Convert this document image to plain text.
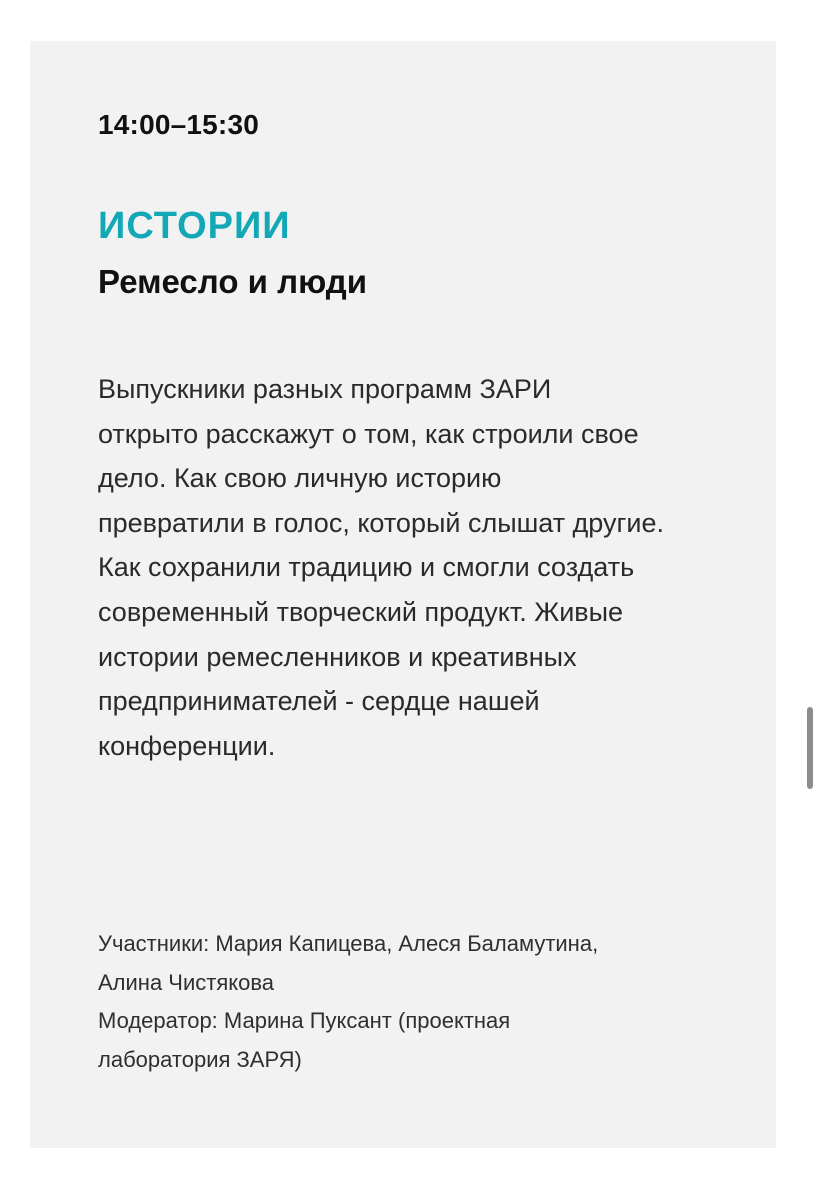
14:00–15:30
ИСТОРИИ
Ремесло и люди
Выпускники разных программ ЗАРИ
открыто расскажут о том, как строили свое
дело. Как свою личную историю
превратили в голос, который слышат другие.
Как сохранили традицию и смогли создать
современный творческий продукт. Живые
истории ремесленников и креативных
предпринимателей - сердце нашей
конференции.
Участники: Мария Капицева, Алеся Баламутина,
Алина Чистякова
Модератор: Марина Пуксант (проектная
лаборатория ЗАРЯ)
